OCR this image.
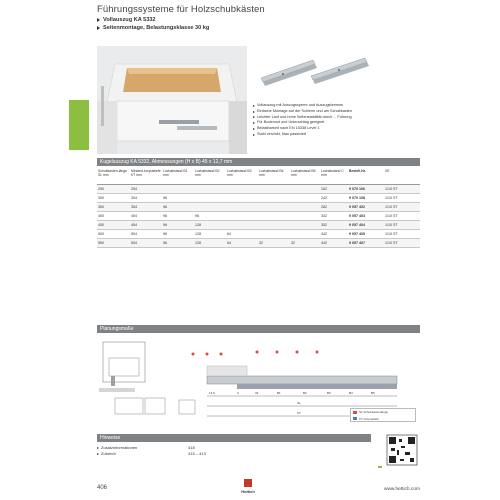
Führungssysteme für Holzschubkästen
Vollauszug KA 5332
Seitenmontage, Belastungsklasse 30 kg
Vollauszug mit Auszugssperre und Auszugsbremse
Einfache Montage auf der Schiene und am Schubkasten
Leichter Lauf und hohe Seitenstabilität durch ... Führung
Für Bodennut und Unterschlag geeignet
Belastbarkeit nach EN 15338 Level 1
Stahl verzinkt, blau passiviert
Kugelauszug KA 5332, Abmessungen (H x B) 45 x 12,7 mm
Schubkasten-länge SL mm	Mindest-korpustiefe KT mm	Lochabstand B1 mm	Lochabstand B2 mm	Lochabstand B3 mm	Lochabstand B4 mm	Lochabstand B5 mm	Lochabstand C mm	Bestell-Nr.	VE
250	254						162	9 070 106	1/10 ST
300	304	96					242	9 070 108	1/10 ST
350	354	96					282	9 057 402	1/10 ST
400	404	96	96				342	9 057 403	1/10 ST
450	454	96	128				352	9 057 404	1/10 ST
500	504	96	128	64			442	9 057 405	1/10 ST
550	554	96	128	64	32	32	442	9 057 407	1/10 ST
Planungsmaße
14,5	C	32	B1	B2	B3	B4	B5
SL
KT	SL Schubkastenlänge
KT Korpustiefe
Hinweise
Zusatzinformationen	418
Zubehör	415 – 413
406
Hettich	www.hettich.com
